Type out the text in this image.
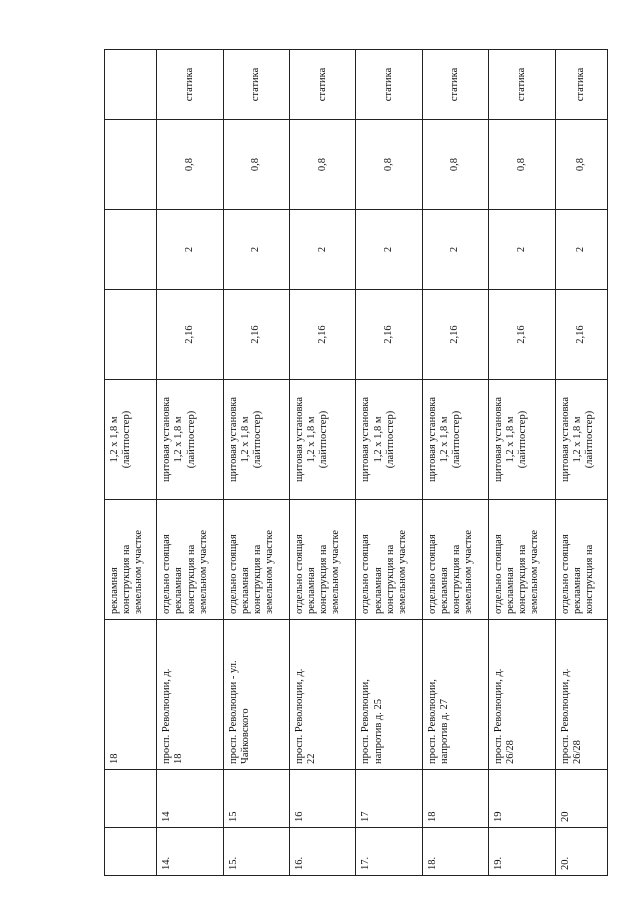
		18	рекламная
конструкция на
земельном участке	1,2 х 1,8 м
(лайтпостер)				

14.	14	просп. Революции, д.
18	отдельно стоящая
рекламная
конструкция на
земельном участке	щитовая установка
1,2 х 1,8 м
(лайтпостер)	2,16	2	0,8	статика

15.	15	просп. Революции - ул.
Чайковского	отдельно стоящая
рекламная
конструкция на
земельном участке	щитовая установка
1,2 х 1,8 м
(лайтпостер)	2,16	2	0,8	статика

16.	16	просп. Революции, д.
22	отдельно стоящая
рекламная
конструкция на
земельном участке	щитовая установка
1,2 х 1,8 м
(лайтпостер)	2,16	2	0,8	статика

17.	17	просп. Революции,
напротив д. 25	отдельно стоящая
рекламная
конструкция на
земельном участке	щитовая установка
1,2 х 1,8 м
(лайтпостер)	2,16	2	0,8	статика

18.	18	просп. Революции,
напротив д. 27	отдельно стоящая
рекламная
конструкция на
земельном участке	щитовая установка
1,2 х 1,8 м
(лайтпостер)	2,16	2	0,8	статика

19.	19	просп. Революции, д.
26/28	отдельно стоящая
рекламная
конструкция на
земельном участке	щитовая установка
1,2 х 1,8 м
(лайтпостер)	2,16	2	0,8	статика

20.	20	просп. Революции, д.
26/28	отдельно стоящая
рекламная
конструкция на	щитовая установка
1,2 х 1,8 м
(лайтпостер)	2,16	2	0,8	статика
